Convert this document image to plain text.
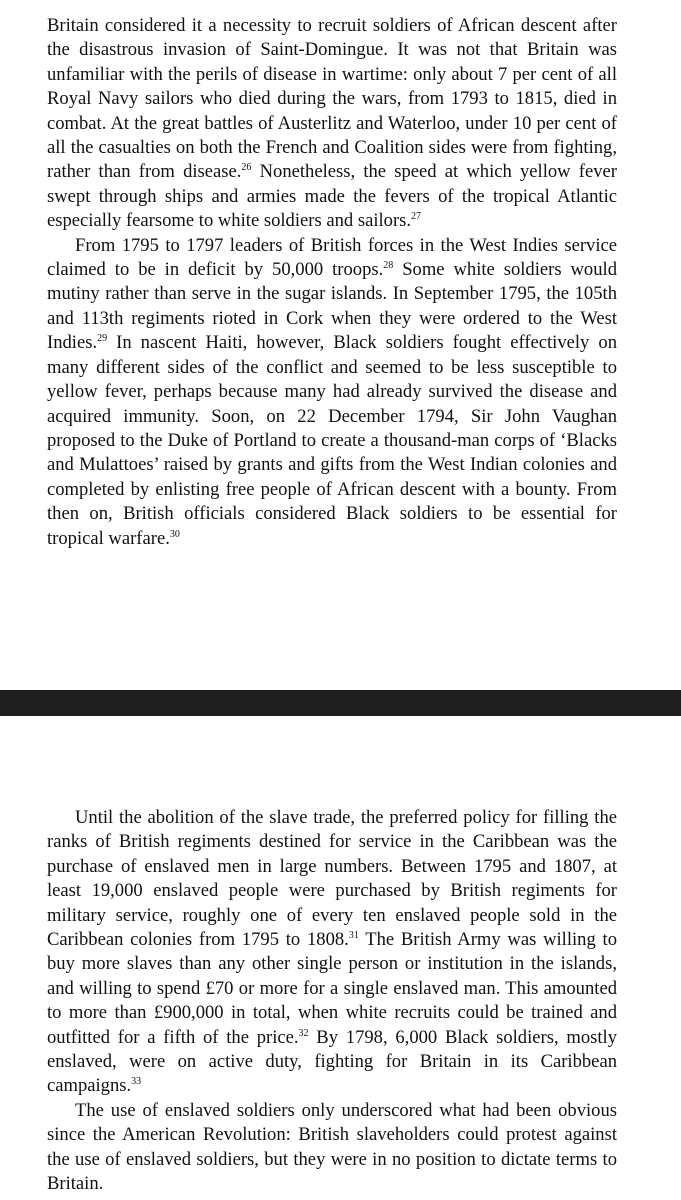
Britain considered it a necessity to recruit soldiers of African descent after the disastrous invasion of Saint-Domingue. It was not that Britain was unfamiliar with the perils of disease in wartime: only about 7 per cent of all Royal Navy sailors who died during the wars, from 1793 to 1815, died in combat. At the great battles of Austerlitz and Waterloo, under 10 per cent of all the casualties on both the French and Coalition sides were from fighting, rather than from disease.$^{26}$ Nonetheless, the speed at which yellow fever swept through ships and armies made the fevers of the tropical Atlantic especially fearsome to white soldiers and sailors.$^{27}$

From 1795 to 1797 leaders of British forces in the West Indies service claimed to be in deficit by 50,000 troops.$^{28}$ Some white soldiers would mutiny rather than serve in the sugar islands. In September 1795, the 105th and 113th regiments rioted in Cork when they were ordered to the West Indies.$^{29}$ In nascent Haiti, however, Black soldiers fought effectively on many different sides of the conflict and seemed to be less susceptible to yellow fever, perhaps because many had already survived the disease and acquired immunity. Soon, on 22 December 1794, Sir John Vaughan proposed to the Duke of Portland to create a thousand-man corps of ‘Blacks and Mulattoes’ raised by grants and gifts from the West Indian colonies and completed by enlisting free people of African descent with a bounty. From then on, British officials considered Black soldiers to be essential for tropical warfare.$^{30}$

Until the abolition of the slave trade, the preferred policy for filling the ranks of British regiments destined for service in the Caribbean was the purchase of enslaved men in large numbers. Between 1795 and 1807, at least 19,000 enslaved people were purchased by British regiments for military service, roughly one of every ten enslaved people sold in the Caribbean colonies from 1795 to 1808.31 The British Army was willing to buy more slaves than any other single person or institution in the islands, and willing to spend £70 or more for a single enslaved man. This amounted to more than £900,000 in total, when white recruits could be trained and outfitted for a fifth of the price.$^{32}$ By 1798, 6,000 Black soldiers, mostly enslaved, were on active duty, fighting for Britain in its Caribbean campaigns.$^{33}$

The use of enslaved soldiers only underscored what had been obvious since the American Revolution: British slaveholders could protest against the use of enslaved soldiers, but they were in no position to dictate terms to Britain.
